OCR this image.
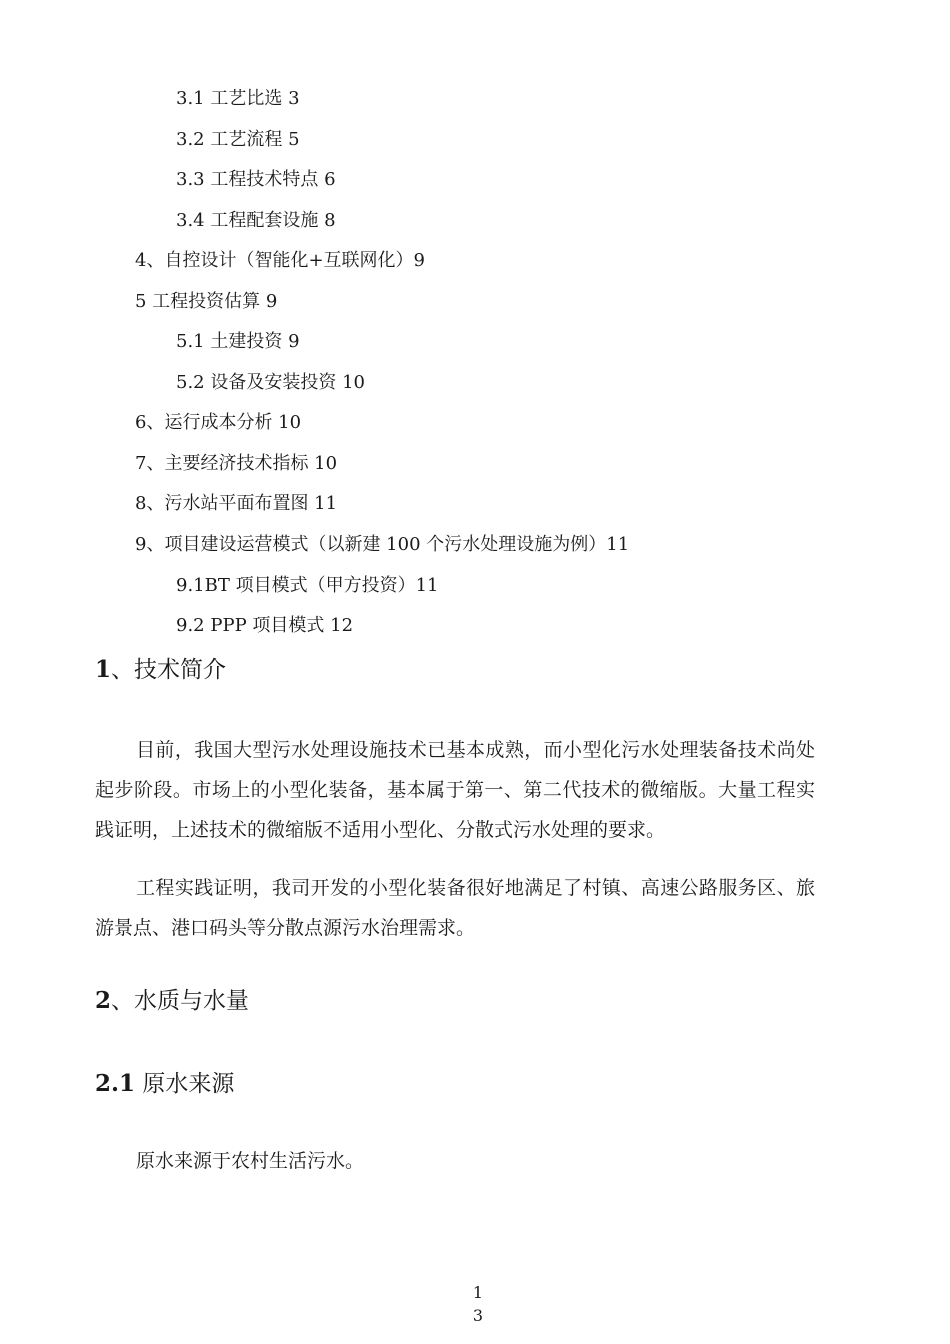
3.1 工艺比选 3
3.2 工艺流程 5
3.3 工程技术特点 6
3.4 工程配套设施 8
4、自控设计（智能化+互联网化）9
5 工程投资估算 9
5.1 土建投资 9
5.2 设备及安装投资 10
6、运行成本分析 10
7、主要经济技术指标 10
8、污水站平面布置图 11
9、项目建设运营模式（以新建 100 个污水处理设施为例）11
9.1BT 项目模式（甲方投资）11
9.2 PPP 项目模式 12
1、技术简介
目前，我国大型污水处理设施技术已基本成熟，而小型化污水处理装备技术尚处起步阶段。市场上的小型化装备，基本属于第一、第二代技术的微缩版。大量工程实践证明，上述技术的微缩版不适用小型化、分散式污水处理的要求。
工程实践证明，我司开发的小型化装备很好地满足了村镇、高速公路服务区、旅游景点、港口码头等分散点源污水治理需求。
2、水质与水量
2.1 原水来源
原水来源于农村生活污水。
1
3
